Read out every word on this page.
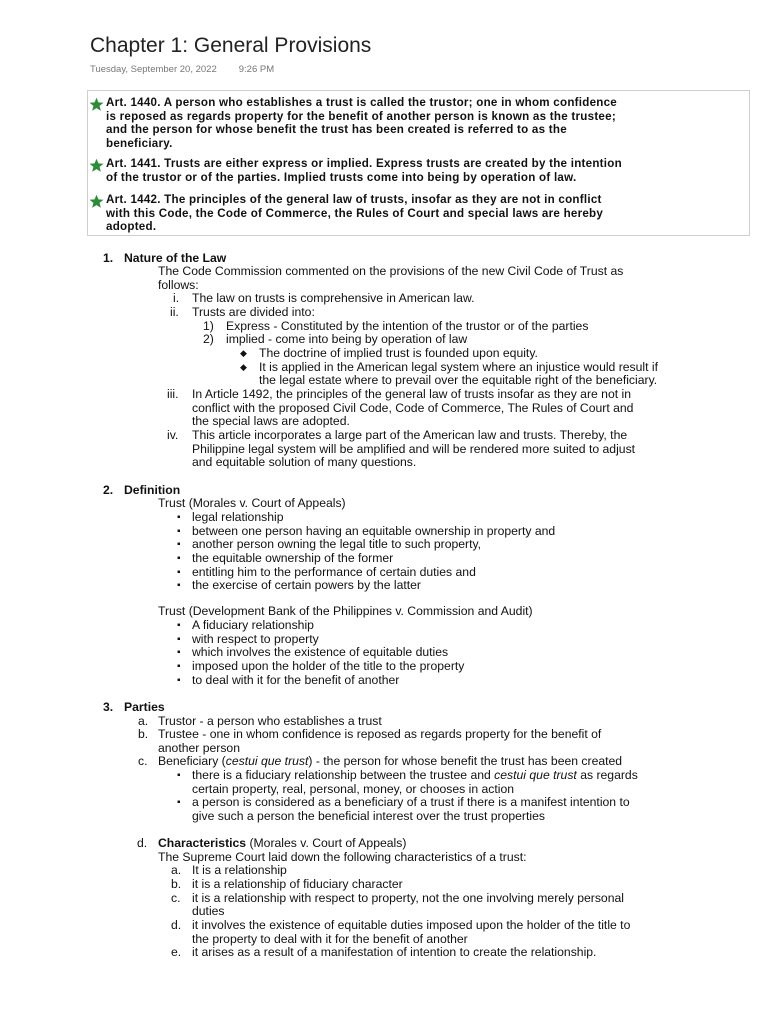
Chapter 1: General Provisions
Tuesday, September 20, 2022 9:26 PM
Art. 1440. A person who establishes a trust is called the trustor; one in whom confidence
is reposed as regards property for the benefit of another person is known as the trustee;
and the person for whose benefit the trust has been created is referred to as the
beneficiary.
Art. 1441. Trusts are either express or implied. Express trusts are created by the intention
of the trustor or of the parties. Implied trusts come into being by operation of law.
Art. 1442. The principles of the general law of trusts, insofar as they are not in conflict
with this Code, the Code of Commerce, the Rules of Court and special laws are hereby
adopted.
1. Nature of the Law
The Code Commission commented on the provisions of the new Civil Code of Trust as
follows:
i. The law on trusts is comprehensive in American law.
ii. Trusts are divided into:
1) Express - Constituted by the intention of the trustor or of the parties
2) implied - come into being by operation of law
◆ The doctrine of implied trust is founded upon equity.
◆ It is applied in the American legal system where an injustice would result if
the legal estate where to prevail over the equitable right of the beneficiary.
iii. In Article 1492, the principles of the general law of trusts insofar as they are not in
conflict with the proposed Civil Code, Code of Commerce, The Rules of Court and
the special laws are adopted.
iv. This article incorporates a large part of the American law and trusts. Thereby, the
Philippine legal system will be amplified and will be rendered more suited to adjust
and equitable solution of many questions.
2. Definition
Trust (Morales v. Court of Appeals)
▪ legal relationship
▪ between one person having an equitable ownership in property and
▪ another person owning the legal title to such property,
▪ the equitable ownership of the former
▪ entitling him to the performance of certain duties and
▪ the exercise of certain powers by the latter
Trust (Development Bank of the Philippines v. Commission and Audit)
▪ A fiduciary relationship
▪ with respect to property
▪ which involves the existence of equitable duties
▪ imposed upon the holder of the title to the property
▪ to deal with it for the benefit of another
3. Parties
a. Trustor - a person who establishes a trust
b. Trustee - one in whom confidence is reposed as regards property for the benefit of
another person
c. Beneficiary (cestui que trust) - the person for whose benefit the trust has been created
▪ there is a fiduciary relationship between the trustee and cestui que trust as regards
certain property, real, personal, money, or chooses in action
▪ a person is considered as a beneficiary of a trust if there is a manifest intention to
give such a person the beneficial interest over the trust properties
d. Characteristics (Morales v. Court of Appeals)
The Supreme Court laid down the following characteristics of a trust:
a. It is a relationship
b. it is a relationship of fiduciary character
c. it is a relationship with respect to property, not the one involving merely personal
duties
d. it involves the existence of equitable duties imposed upon the holder of the title to
the property to deal with it for the benefit of another
e. it arises as a result of a manifestation of intention to create the relationship.
